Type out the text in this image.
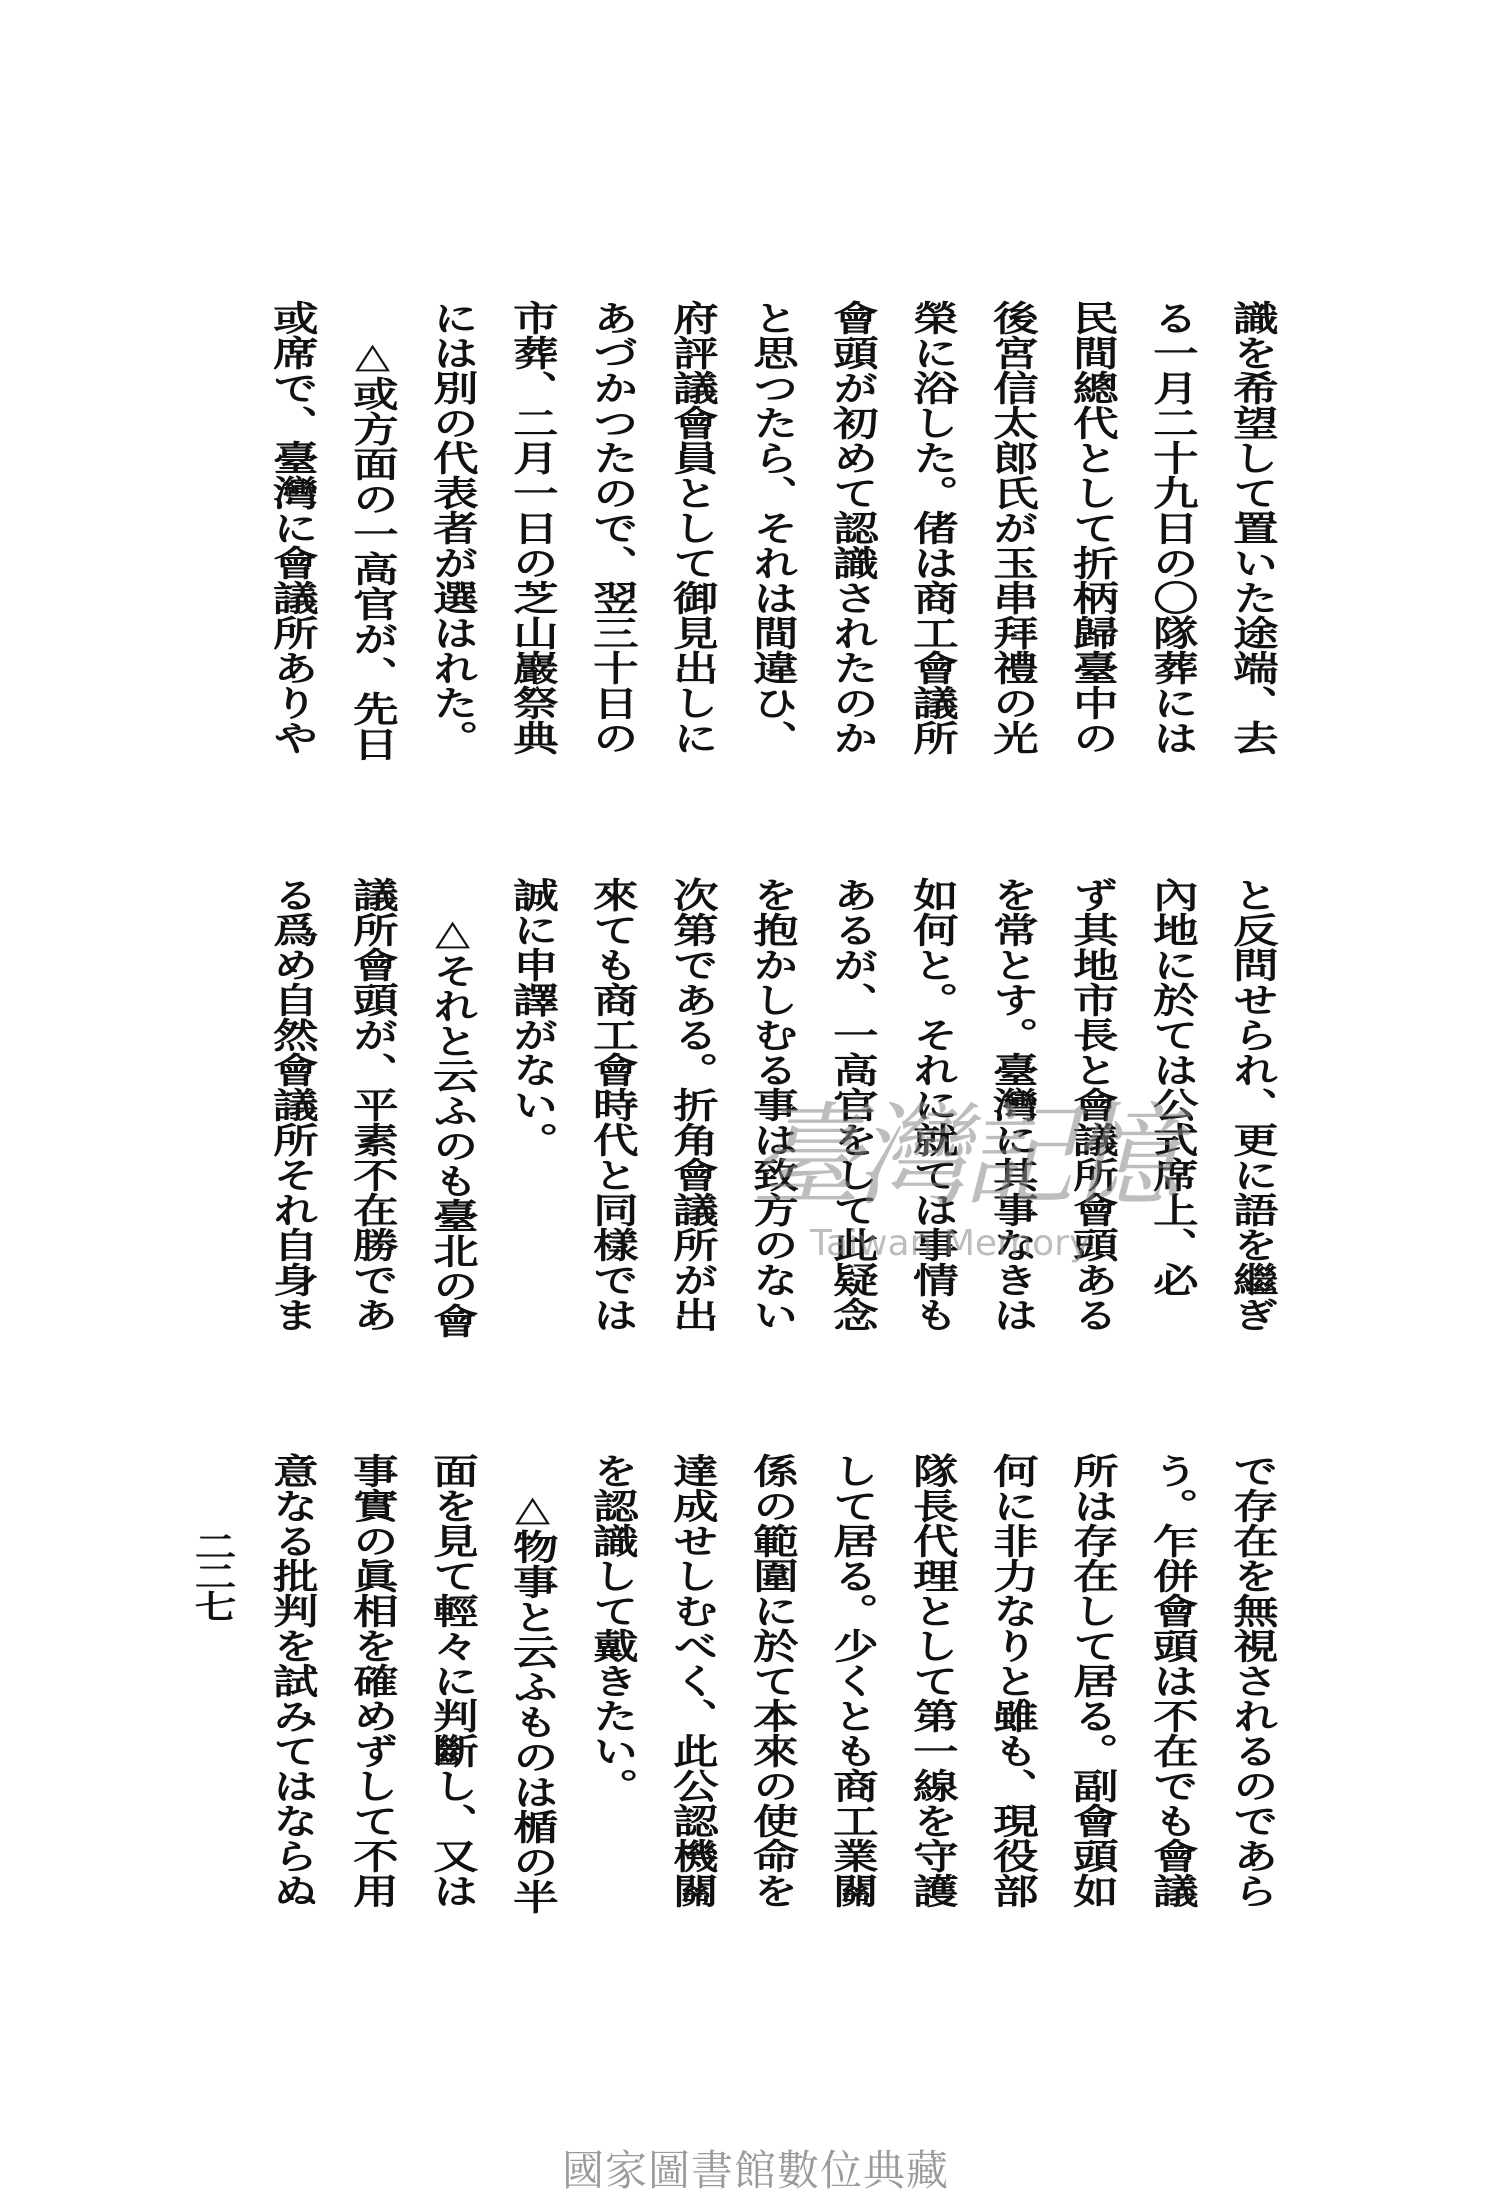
識を希望して置いた途端、去
る一月二十九日の〇隊葬には
民間總代として折柄歸臺中の
後宮信太郎氏が玉串拜禮の光
榮に浴した。偖は商工會議所
會頭が初めて認識されたのか
と思つたら、それは間違ひ、
府評議會員として御見出しに
あづかつたので、翌三十日の
市葬、二月一日の芝山巖祭典
には別の代表者が選はれた。
△或方面の一高官が、先日
或席で、臺灣に會議所ありや
と反問せられ、更に語を繼ぎ
內地に於ては公式席上、必
ず其地市長と會議所會頭ある
を常とす。臺灣に其事なきは
如何と。それに就ては事情も
あるが、一高官をして此疑念
を抱かしむる事は致方のない
次第である。折角會議所が出
來ても商工會時代と同樣では
誠に申譯がない。
△それと云ふのも臺北の會
議所會頭が、平素不在勝であ
る爲め自然會議所それ自身ま
で存在を無視されるのであら
う。乍併會頭は不在でも會議
所は存在して居る。副會頭如
何に非力なりと雖も、現役部
隊長代理として第一線を守護
して居る。少くとも商工業關
係の範圍に於て本來の使命を
達成せしむべく、此公認機關
を認識して戴きたい。
△物事と云ふものは楯の半
面を見て輕々に判斷し、又は
事實の眞相を確めずして不用
意なる批判を試みてはならぬ
二二七
臺灣記憶
Taiwan Memory
國家圖書館數位典藏
